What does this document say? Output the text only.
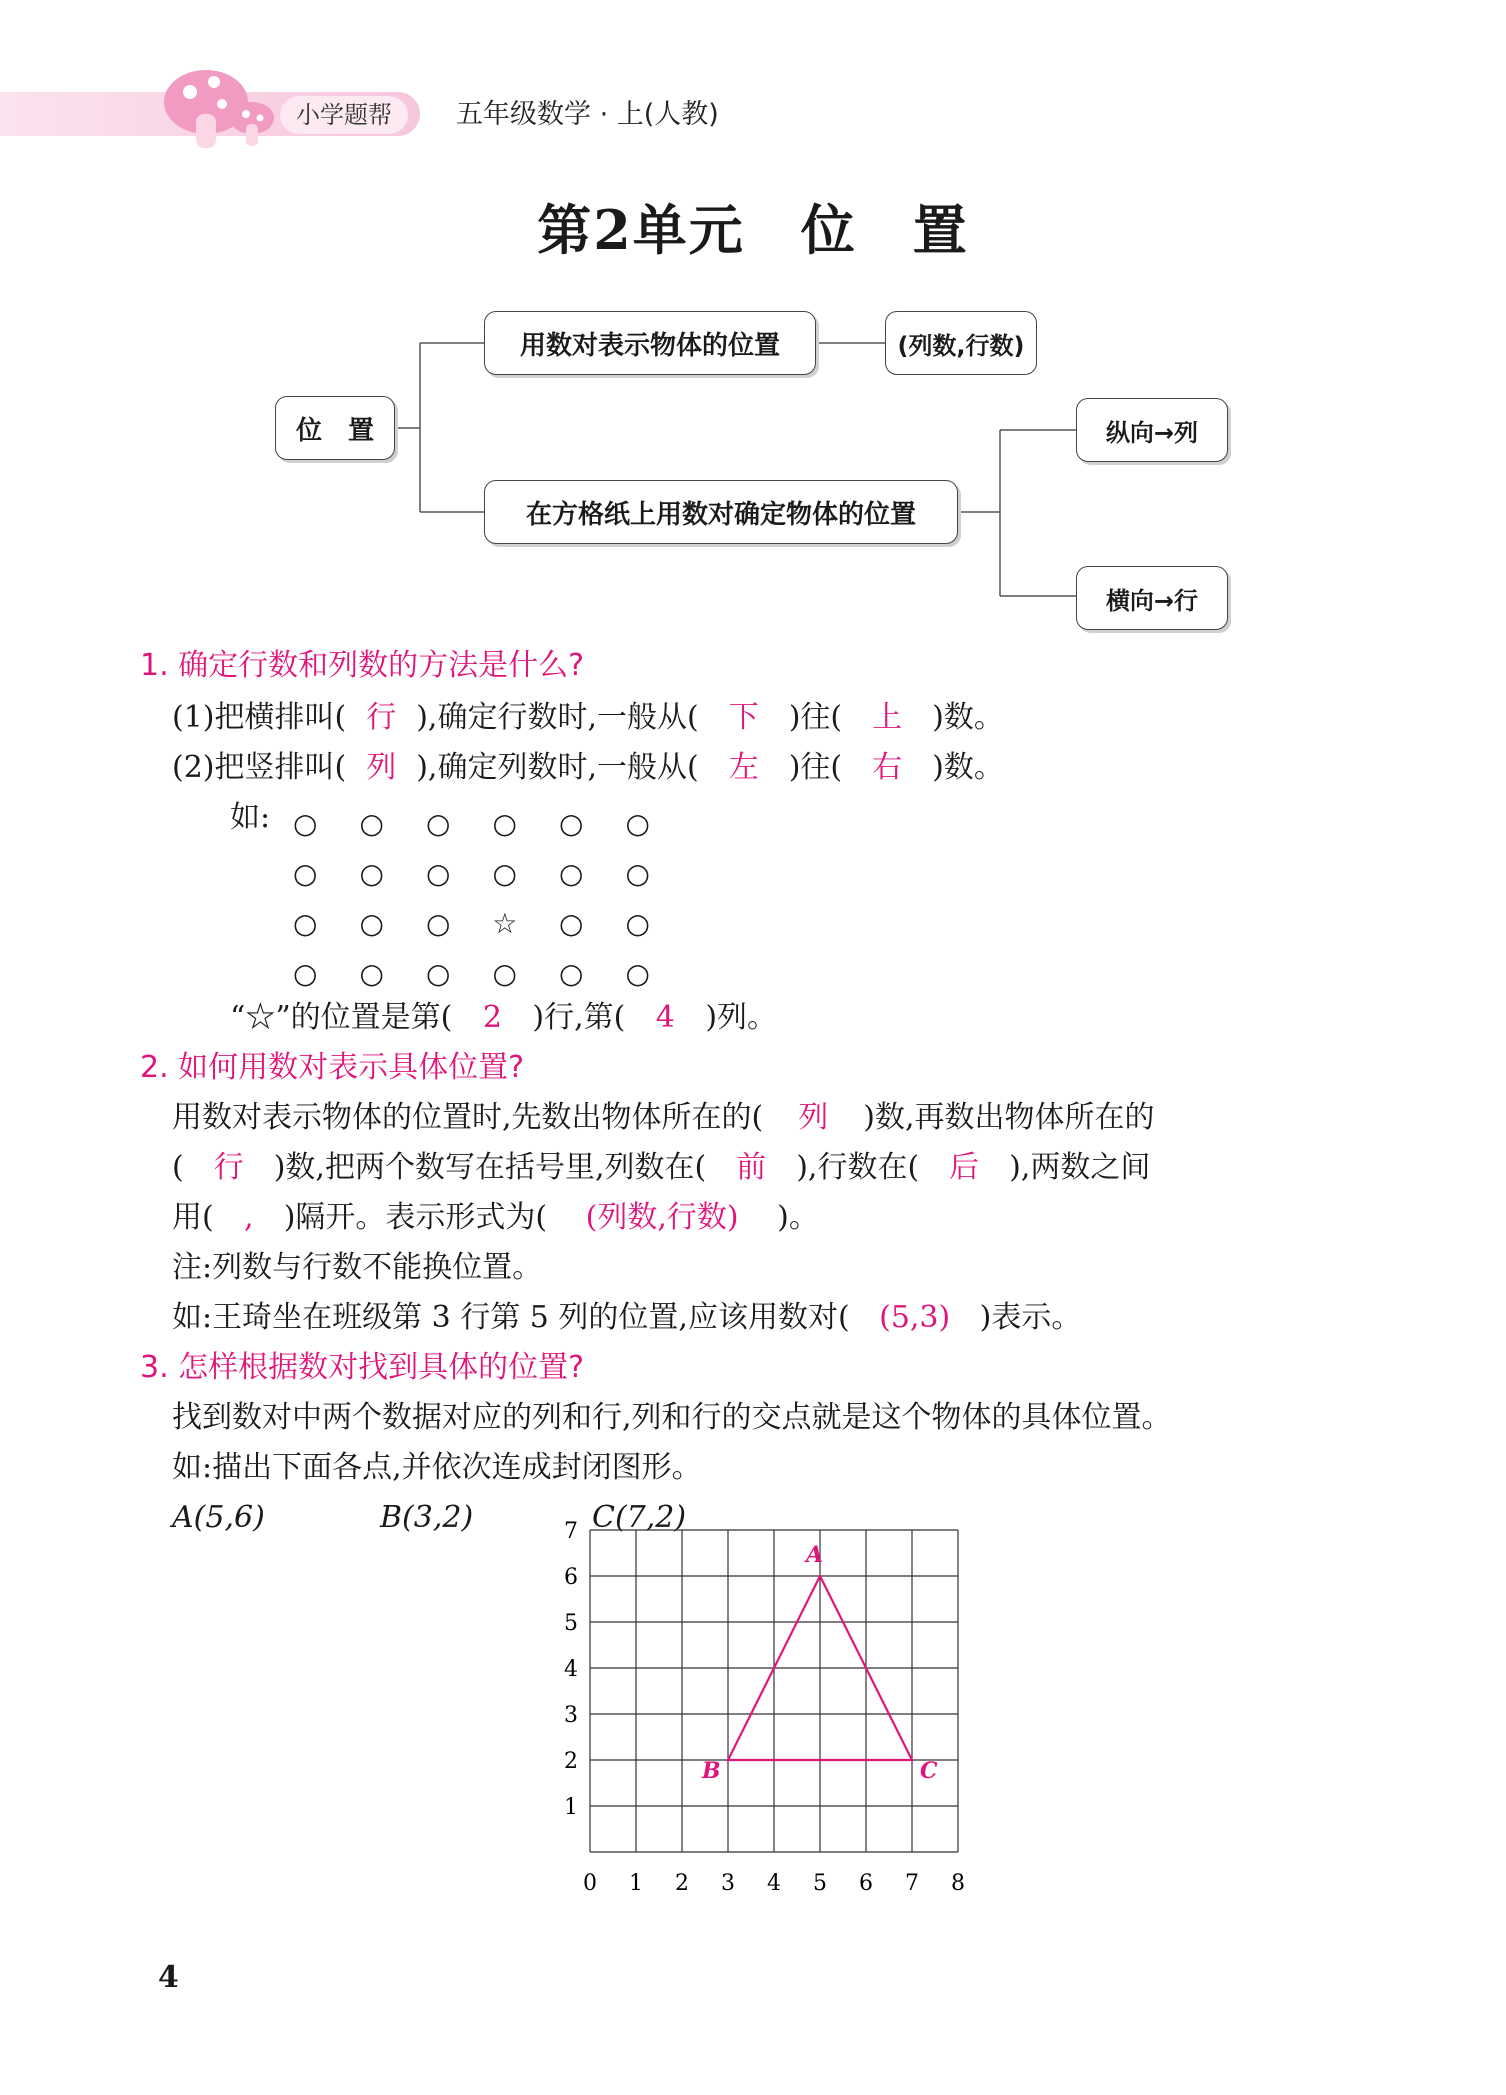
小学题帮	五年级数学 · 上(人教)
第2单元　位　置
位　置
用数对表示物体的位置	(列数,行数)
在方格纸上用数对确定物体的位置
纵向→列
横向→行
1. 确定行数和列数的方法是什么?
(1)把横排叫( 行 ),确定行数时,一般从( 下 )往( 上 )数。
(2)把竖排叫( 列 ),确定列数时,一般从( 左 )往( 右 )数。
如: ○	○	○	○	○	○
○	○	○	○	○	○
○	○	○	☆	○	○
○	○	○	○	○	○
“☆”的位置是第( 2 )行,第( 4 )列。
2. 如何用数对表示具体位置?
用数对表示物体的位置时,先数出物体所在的( 列 )数,再数出物体所在的
( 行 )数,把两个数写在括号里,列数在( 前 ),行数在( 后 ),两数之间
用( , )隔开。表示形式为( (列数,行数) )。
注:列数与行数不能换位置。
如:王琦坐在班级第 3 行第 5 列的位置,应该用数对( (5,3) )表示。
3. 怎样根据数对找到具体的位置?
找到数对中两个数据对应的列和行,列和行的交点就是这个物体的具体位置。
如:描出下面各点,并依次连成封闭图形。
A(5,6)	B(3,2)	C(7,2)
0 1 2 3 4 5 6 7 8
1
2
3
4
5
6
7
A
B	C
4
